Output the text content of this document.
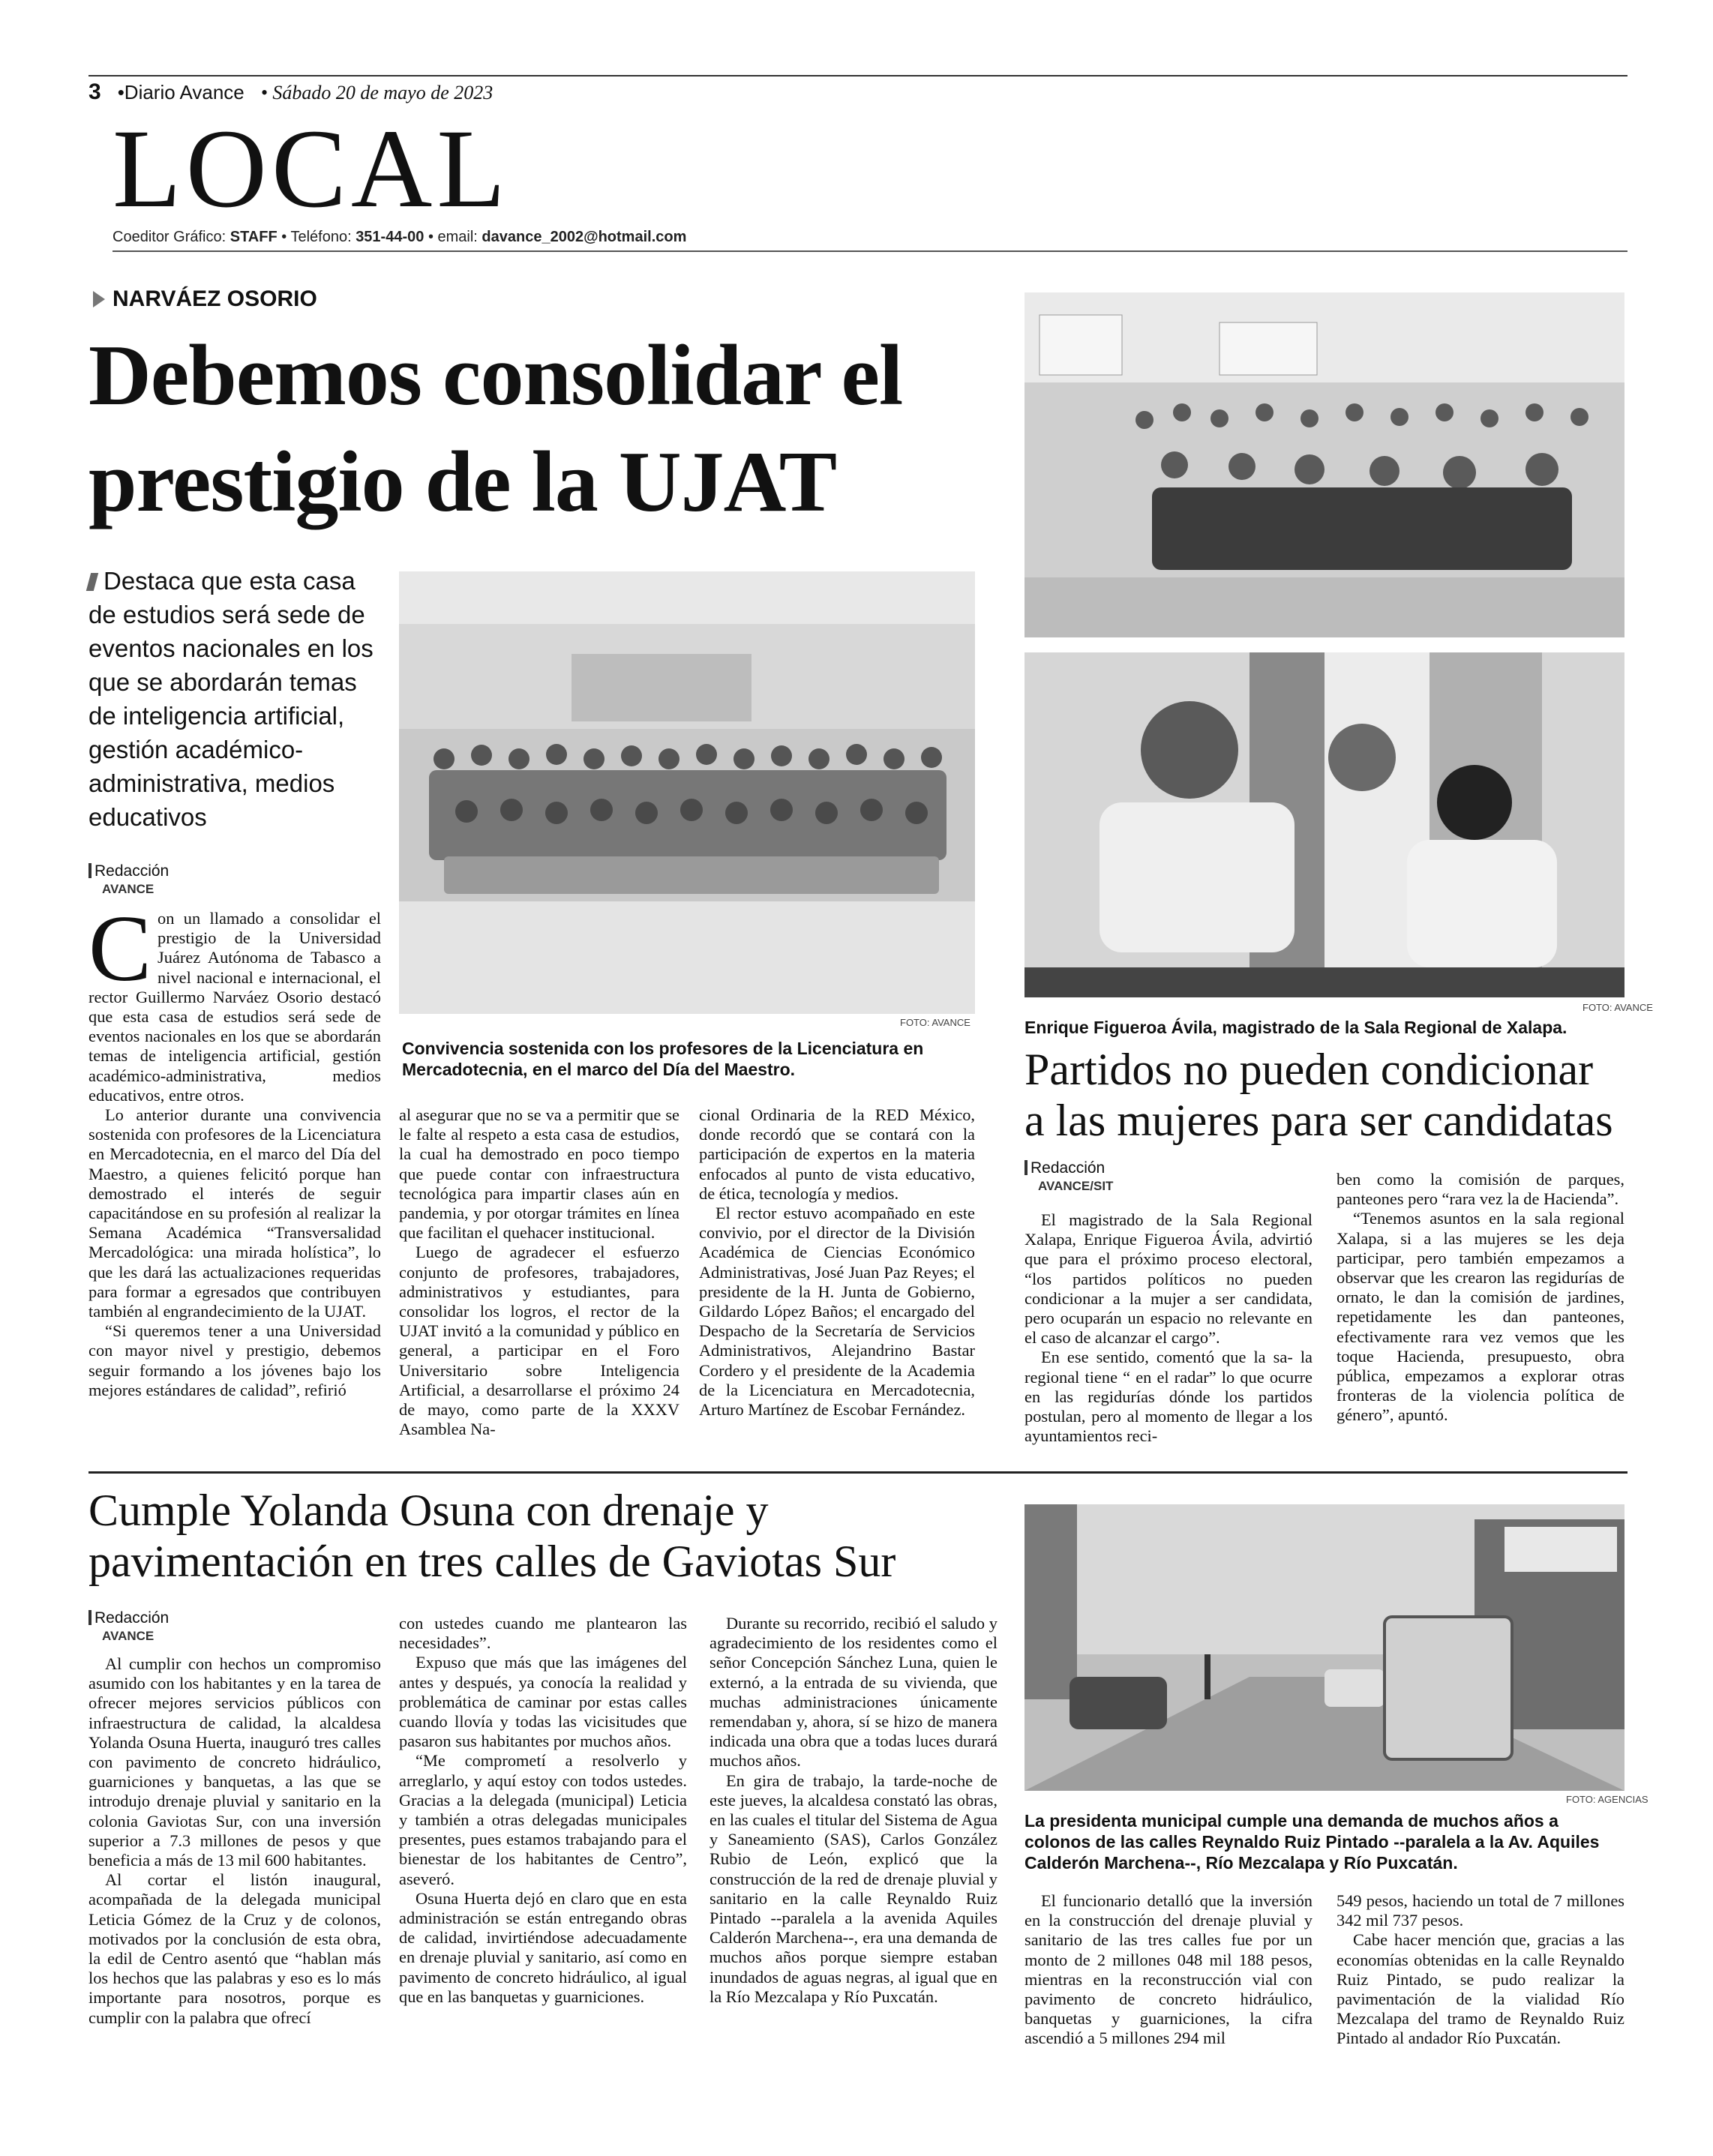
3 •Diario Avance • Sábado 20 de mayo de 2023
LOCAL
Coeditor Gráfico: STAFF • Teléfono: 351-44-00 • email: davance_2002@hotmail.com
NARVÁEZ OSORIO
Debemos consolidar el
prestigio de la UJAT
Destaca que esta casa de estudios será sede de eventos nacionales en los que se abordarán temas de inteligencia artificial, gestión académico-administrativa, medios educativos
Redacción
AVANCE
FOTO: AVANCE
Convivencia sostenida con los profesores de la Licenciatura en Mercadotecnia, en el marco del Día del Maestro.

Con un llamado a consolidar el prestigio de la Universidad Juárez Autónoma de Tabasco a nivel nacional e internacional, el rector Guillermo Narváez Osorio destacó que esta casa de estudios será sede de eventos nacionales en los que se abordarán temas de inteligencia artificial, gestión académico-administrativa, medios educativos, entre otros.

Lo anterior durante una convivencia sostenida con profesores de la Licenciatura en Mercadotecnia, en el marco del Día del Maestro, a quienes felicitó porque han demostrado el interés de seguir capacitándose en su profesión al realizar la Semana Académica “Transversalidad Mercadológica: una mirada holística”, lo que les dará las actualizaciones requeridas para formar a egresados que contribuyen también al engrandecimiento de la UJAT.

“Si queremos tener a una Universidad con mayor nivel y prestigio, debemos seguir formando a los jóvenes bajo los mejores estándares de calidad”, refirió

al asegurar que no se va a permitir que se le falte al respeto a esta casa de estudios, la cual ha demostrado en poco tiempo que puede contar con infraestructura tecnológica para impartir clases aún en pandemia, y por otorgar trámites en línea que facilitan el quehacer institucional.

Luego de agradecer el esfuerzo conjunto de profesores, trabajadores, administrativos y estudiantes, para consolidar los logros, el rector de la UJAT invitó a la comunidad y público en general, a participar en el Foro Universitario sobre Inteligencia Artificial, a desarrollarse el próximo 24 de mayo, como parte de la XXXV Asamblea Na-

cional Ordinaria de la RED México, donde recordó que se contará con la participación de expertos en la materia enfocados al punto de vista educativo, de ética, tecnología y medios.

El rector estuvo acompañado en este convivio, por el director de la División Académica de Ciencias Económico Administrativas, José Juan Paz Reyes; el presidente de la H. Junta de Gobierno, Gildardo López Baños; el encargado del Despacho de la Secretaría de Servicios Administrativos, Alejandrino Bastar Cordero y el presidente de la Academia de la Licenciatura en Mercadotecnia, Arturo Martínez de Escobar Fernández.

FOTO: AVANCE
Enrique Figueroa Ávila, magistrado de la Sala Regional de Xalapa.
Partidos no pueden condicionar
a las mujeres para ser candidatas
Redacción
AVANCE/SIT

El magistrado de la Sala Regional Xalapa, Enrique Figueroa Ávila, advirtió que para el próximo proceso electoral, “los partidos políticos no pueden condicionar a la mujer a ser candidata, pero ocuparán un espacio no relevante en el caso de alcanzar el cargo”.

En ese sentido, comentó que la sa- la regional tiene “ en el radar” lo que ocurre en las regidurías dónde los partidos postulan, pero al momento de llegar a los ayuntamientos reci-

ben como la comisión de parques, panteones pero “rara vez la de Hacienda”.

“Tenemos asuntos en la sala regional Xalapa, si a las mujeres se les deja participar, pero también empezamos a observar que les crearon las regidurías de ornato, le dan la comisión de jardines, repetidamente les dan panteones, efectivamente rara vez vemos que les toque Hacienda, presupuesto, obra pública, empezamos a explorar otras fronteras de la violencia política de género”, apuntó.

Cumple Yolanda Osuna con drenaje y
pavimentación en tres calles de Gaviotas Sur
Redacción
AVANCE

Al cumplir con hechos un compromiso asumido con los habitantes y en la tarea de ofrecer mejores servicios públicos con infraestructura de calidad, la alcaldesa Yolanda Osuna Huerta, inauguró tres calles con pavimento de concreto hidráulico, guarniciones y banquetas, a las que se introdujo drenaje pluvial y sanitario en la colonia Gaviotas Sur, con una inversión superior a 7.3 millones de pesos y que beneficia a más de 13 mil 600 habitantes.

Al cortar el listón inaugural, acompañada de la delegada municipal Leticia Gómez de la Cruz y de colonos, motivados por la conclusión de esta obra, la edil de Centro asentó que “hablan más los hechos que las palabras y eso es lo más importante para nosotros, porque es cumplir con la palabra que ofrecí

con ustedes cuando me plantearon las necesidades”.

Expuso que más que las imágenes del antes y después, ya conocía la realidad y problemática de caminar por estas calles cuando llovía y todas las vicisitudes que pasaron sus habitantes por muchos años.

“Me comprometí a resolverlo y arreglarlo, y aquí estoy con todos ustedes. Gracias a la delegada (municipal) Leticia y también a otras delegadas municipales presentes, pues estamos trabajando para el bienestar de los habitantes de Centro”, aseveró.

Osuna Huerta dejó en claro que en esta administración se están entregando obras de calidad, invirtiéndose adecuadamente en drenaje pluvial y sanitario, así como en pavimento de concreto hidráulico, al igual que en las banquetas y guarniciones.

Durante su recorrido, recibió el saludo y agradecimiento de los residentes como el señor Concepción Sánchez Luna, quien le externó, a la entrada de su vivienda, que muchas administraciones únicamente remendaban y, ahora, sí se hizo de manera indicada una obra que a todas luces durará muchos años.

En gira de trabajo, la tarde-noche de este jueves, la alcaldesa constató las obras, en las cuales el titular del Sistema de Agua y Saneamiento (SAS), Carlos González Rubio de León, explicó que la construcción de la red de drenaje pluvial y sanitario en la calle Reynaldo Ruiz Pintado --paralela a la avenida Aquiles Calderón Marchena--, era una demanda de muchos años porque siempre estaban inundados de aguas negras, al igual que en la Río Mezcalapa y Río Puxcatán.

FOTO: AGENCIAS
La presidenta municipal cumple una demanda de muchos años a colonos de las calles Reynaldo Ruiz Pintado --paralela a la Av. Aquiles Calderón Marchena--, Río Mezcalapa y Río Puxcatán.

El funcionario detalló que la inversión en la construcción del drenaje pluvial y sanitario de las tres calles fue por un monto de 2 millones 048 mil 188 pesos, mientras en la reconstrucción vial con pavimento de concreto hidráulico, banquetas y guarniciones, la cifra ascendió a 5 millones 294 mil

549 pesos, haciendo un total de 7 millones 342 mil 737 pesos.

Cabe hacer mención que, gracias a las economías obtenidas en la calle Reynaldo Ruiz Pintado, se pudo realizar la pavimentación de la vialidad Río Mezcalapa del tramo de Reynaldo Ruiz Pintado al andador Río Puxcatán.
